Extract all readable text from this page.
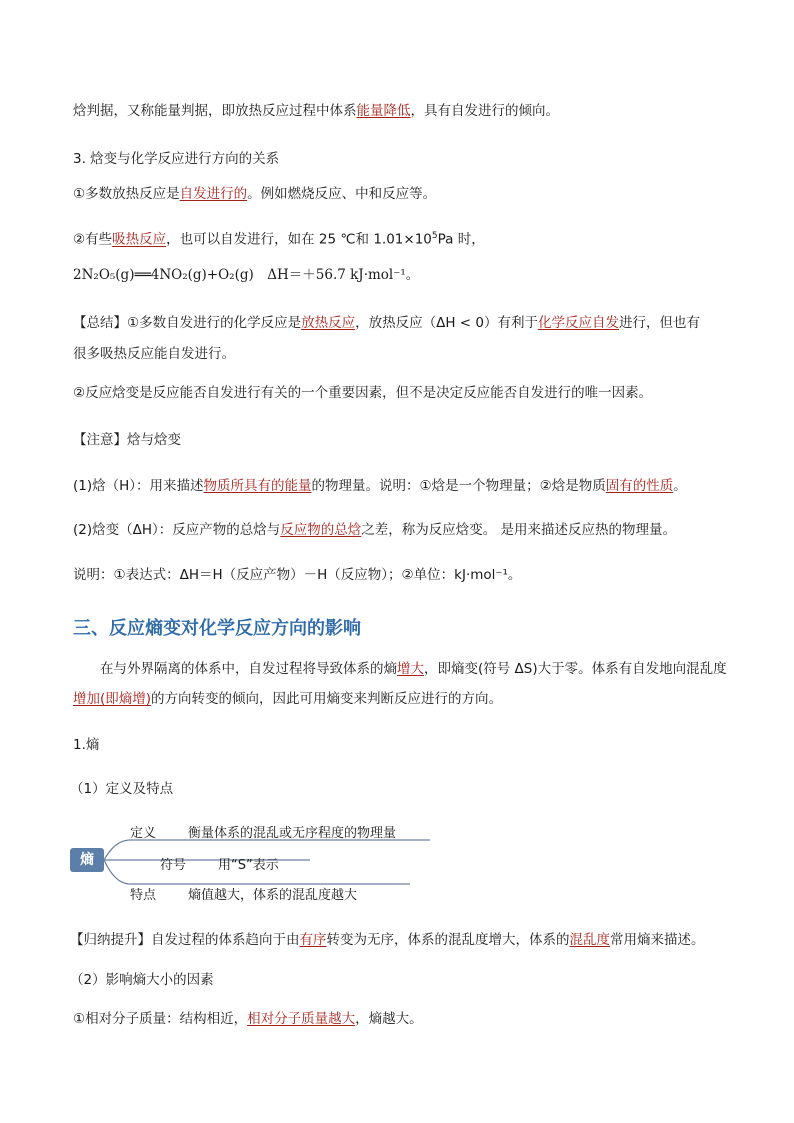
焓判据，又称能量判据，即放热反应过程中体系能量降低，具有自发进行的倾向。
3. 焓变与化学反应进行方向的关系
①多数放热反应是自发进行的。例如燃烧反应、中和反应等。
②有些吸热反应，也可以自发进行，如在 25 ℃和 $1.01\times 10^5Pa$ 时，
2N₂O₅(g)══4NO₂(g)+O₂(g)　ΔH＝＋56.7 kJ·mol⁻¹。
【总结】①多数自发进行的化学反应是放热反应，放热反应（ΔH < 0）有利于化学反应自发进行，但也有
很多吸热反应能自发进行。
②反应焓变是反应能否自发进行有关的一个重要因素，但不是决定反应能否自发进行的唯一因素。
【注意】焓与焓变
(1)焓（H）：用来描述物质所具有的能量的物理量。说明：①焓是一个物理量；②焓是物质固有的性质。
(2)焓变（ΔH）：反应产物的总焓与反应物的总焓之差，称为反应焓变。 是用来描述反应热的物理量。
说明：①表达式：ΔH＝H（反应产物）－H（反应物）；②单位：kJ·mol⁻¹。
三、反应熵变对化学反应方向的影响
在与外界隔离的体系中，自发过程将导致体系的熵增大，即熵变(符号 ΔS)大于零。体系有自发地向混乱度增加(即熵增)的方向转变的倾向，因此可用熵变来判断反应进行的方向。
1.熵
（1）定义及特点
熵
定义 衡量体系的混乱或无序程度的物理量
符号 用“S”表示
特点 熵值越大，体系的混乱度越大
【归纳提升】自发过程的体系趋向于由有序转变为无序，体系的混乱度增大，体系的混乱度常用熵来描述。
（2）影响熵大小的因素
①相对分子质量：结构相近，相对分子质量越大，熵越大。
